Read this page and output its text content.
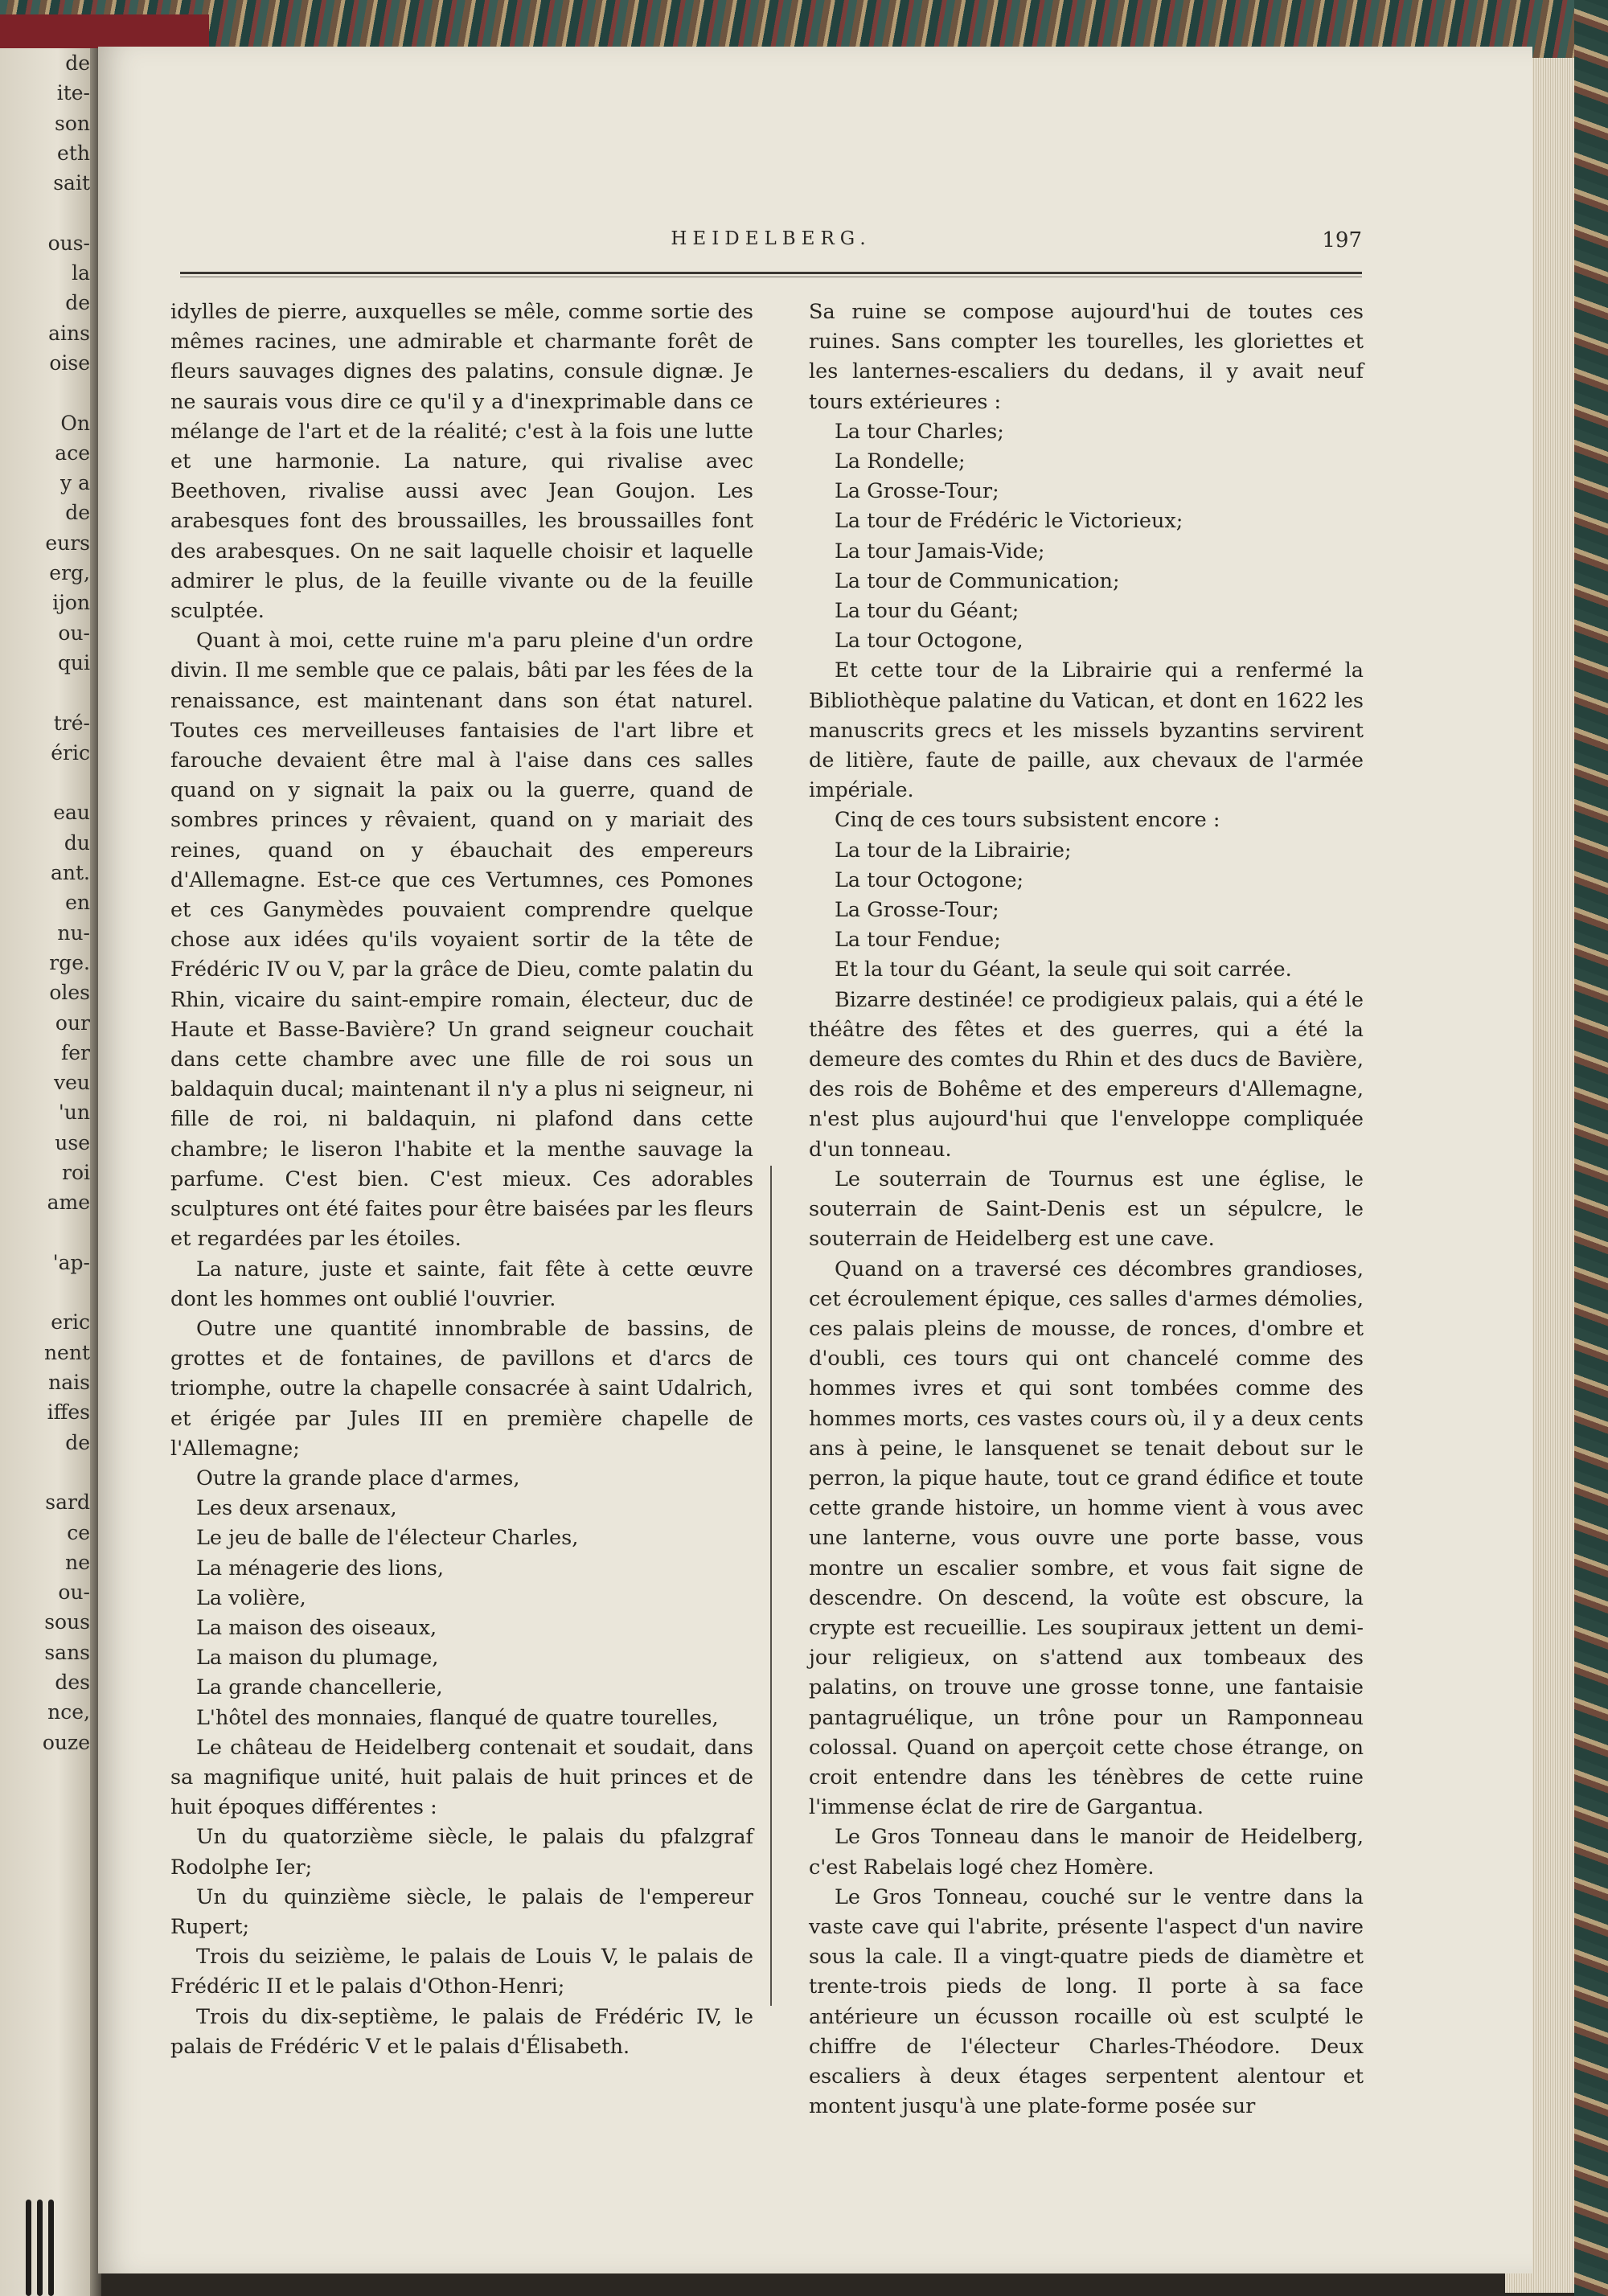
de
ite-
son
eth
sait
ous-
la
de
ains
oise
On
ace
y a
de
eurs
erg,
ijon
ou-
qui
tré-
éric
eau
du
ant.
en
nu-
rge.
oles
our
fer
veu
'un
use
roi
ame
'ap-
eric
nent
nais
iffes
de
sard
ce
ne
ou-
sous
sans
des
nce,
ouze
HEIDELBERG.	197

idylles de pierre, auxquelles se mêle, comme sortie des mêmes racines, une admirable et charmante forêt de fleurs sauvages dignes des palatins, consule dignæ. Je ne saurais vous dire ce qu'il y a d'inexprimable dans ce mélange de l'art et de la réalité; c'est à la fois une lutte et une harmonie. La nature, qui rivalise avec Beethoven, rivalise aussi avec Jean Goujon. Les arabesques font des broussailles, les broussailles font des arabesques. On ne sait laquelle choisir et laquelle admirer le plus, de la feuille vivante ou de la feuille sculptée.

Quant à moi, cette ruine m'a paru pleine d'un ordre divin. Il me semble que ce palais, bâti par les fées de la renaissance, est maintenant dans son état naturel. Toutes ces merveilleuses fantaisies de l'art libre et farouche devaient être mal à l'aise dans ces salles quand on y signait la paix ou la guerre, quand de sombres princes y rêvaient, quand on y mariait des reines, quand on y ébauchait des empereurs d'Allemagne. Est-ce que ces Vertumnes, ces Pomones et ces Ganymèdes pouvaient comprendre quelque chose aux idées qu'ils voyaient sortir de la tête de Frédéric IV ou V, par la grâce de Dieu, comte palatin du Rhin, vicaire du saint-empire romain, électeur, duc de Haute et Basse-Bavière? Un grand seigneur couchait dans cette chambre avec une fille de roi sous un baldaquin ducal; maintenant il n'y a plus ni seigneur, ni fille de roi, ni baldaquin, ni plafond dans cette chambre; le liseron l'habite et la menthe sauvage la parfume. C'est bien. C'est mieux. Ces adorables sculptures ont été faites pour être baisées par les fleurs et regardées par les étoiles.

La nature, juste et sainte, fait fête à cette œuvre dont les hommes ont oublié l'ouvrier.

Outre une quantité innombrable de bassins, de grottes et de fontaines, de pavillons et d'arcs de triomphe, outre la chapelle consacrée à saint Udalrich, et érigée par Jules III en première chapelle de l'Allemagne;

Outre la grande place d'armes,

Les deux arsenaux,

Le jeu de balle de l'électeur Charles,

La ménagerie des lions,

La volière,

La maison des oiseaux,

La maison du plumage,

La grande chancellerie,

L'hôtel des monnaies, flanqué de quatre tourelles,

Le château de Heidelberg contenait et soudait, dans sa magnifique unité, huit palais de huit princes et de huit époques différentes :

Un du quatorzième siècle, le palais du pfalzgraf Rodolphe Ier;

Un du quinzième siècle, le palais de l'empereur Rupert;

Trois du seizième, le palais de Louis V, le palais de Frédéric II et le palais d'Othon-Henri;

Trois du dix-septième, le palais de Frédéric IV, le palais de Frédéric V et le palais d'Élisabeth.

Sa ruine se compose aujourd'hui de toutes ces ruines. Sans compter les tourelles, les gloriettes et les lanternes-escaliers du dedans, il y avait neuf tours extérieures :

La tour Charles;

La Rondelle;

La Grosse-Tour;

La tour de Frédéric le Victorieux;

La tour Jamais-Vide;

La tour de Communication;

La tour du Géant;

La tour Octogone,

Et cette tour de la Librairie qui a renfermé la Bibliothèque palatine du Vatican, et dont en 1622 les manuscrits grecs et les missels byzantins servirent de litière, faute de paille, aux chevaux de l'armée impériale.

Cinq de ces tours subsistent encore :

La tour de la Librairie;

La tour Octogone;

La Grosse-Tour;

La tour Fendue;

Et la tour du Géant, la seule qui soit carrée.

Bizarre destinée! ce prodigieux palais, qui a été le théâtre des fêtes et des guerres, qui a été la demeure des comtes du Rhin et des ducs de Bavière, des rois de Bohême et des empereurs d'Allemagne, n'est plus aujourd'hui que l'enveloppe compliquée d'un tonneau.

Le souterrain de Tournus est une église, le souterrain de Saint-Denis est un sépulcre, le souterrain de Heidelberg est une cave.

Quand on a traversé ces décombres grandioses, cet écroulement épique, ces salles d'armes démolies, ces palais pleins de mousse, de ronces, d'ombre et d'oubli, ces tours qui ont chancelé comme des hommes ivres et qui sont tombées comme des hommes morts, ces vastes cours où, il y a deux cents ans à peine, le lansquenet se tenait debout sur le perron, la pique haute, tout ce grand édifice et toute cette grande histoire, un homme vient à vous avec une lanterne, vous ouvre une porte basse, vous montre un escalier sombre, et vous fait signe de descendre. On descend, la voûte est obscure, la crypte est recueillie. Les soupiraux jettent un demi-jour religieux, on s'attend aux tombeaux des palatins, on trouve une grosse tonne, une fantaisie pantagruélique, un trône pour un Ramponneau colossal. Quand on aperçoit cette chose étrange, on croit entendre dans les ténèbres de cette ruine l'immense éclat de rire de Gargantua.

Le Gros Tonneau dans le manoir de Heidelberg, c'est Rabelais logé chez Homère.

Le Gros Tonneau, couché sur le ventre dans la vaste cave qui l'abrite, présente l'aspect d'un navire sous la cale. Il a vingt-quatre pieds de diamètre et trente-trois pieds de long. Il porte à sa face antérieure un écusson rocaille où est sculpté le chiffre de l'électeur Charles-Théodore. Deux escaliers à deux étages serpentent alentour et montent jusqu'à une plate-forme posée sur
